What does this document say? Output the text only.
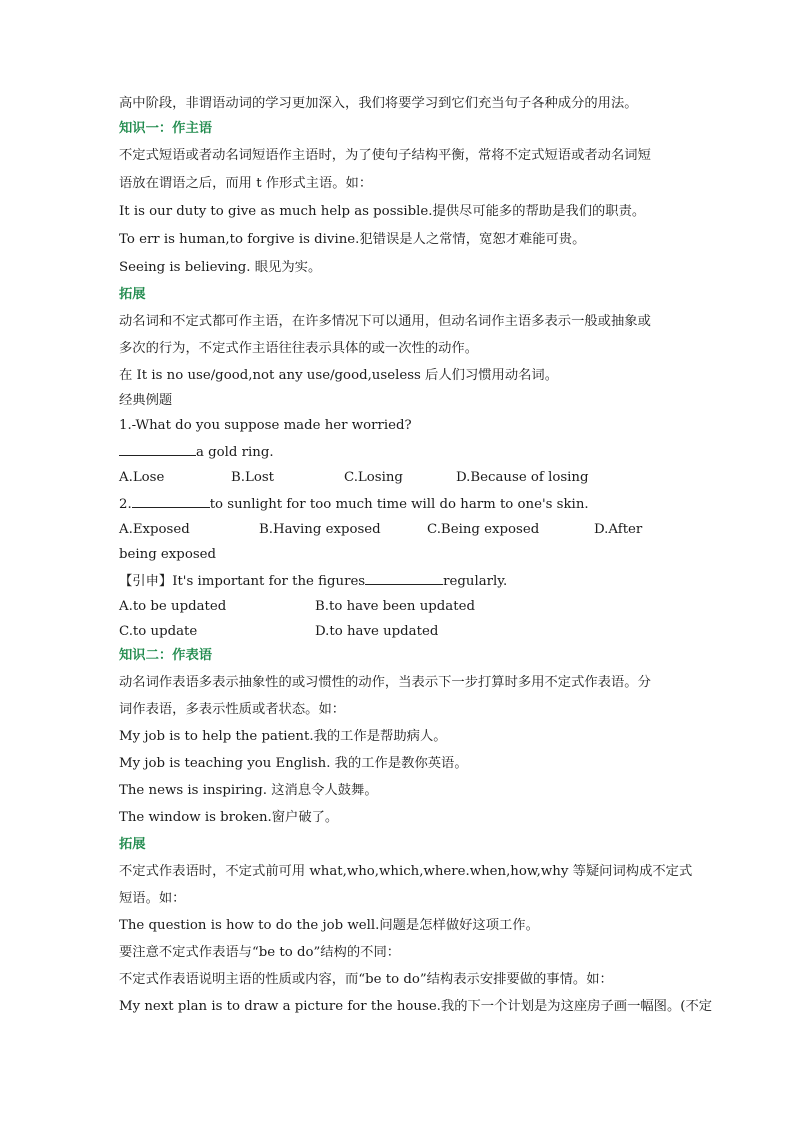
高中阶段，非谓语动词的学习更加深入，我们将要学习到它们充当句子各种成分的用法。

知识一：作主语

不定式短语或者动名词短语作主语时，为了使句子结构平衡，常将不定式短语或者动名词短

语放在谓语之后，而用 t 作形式主语。如：

It is our duty to give as much help as possible.提供尽可能多的帮助是我们的职责。

To err is human,to forgive is divine.犯错误是人之常情，宽恕才难能可贵。

Seeing is believing. 眼见为实。

拓展

动名词和不定式都可作主语，在许多情况下可以通用，但动名词作主语多表示一般或抽象或

多次的行为，不定式作主语往往表示具体的或一次性的动作。

在 It is no use/good,not any use/good,useless 后人们习惯用动名词。

经典例题

1.-What do you suppose made her worried?

a gold ring.

A.Lose	B.Lost	C.Losing	D.Because of losing

2.	to sunlight for too much time will do harm to one's skin.

A.Exposed	B.Having exposed	C.Being exposed	D.After

being exposed

【引申】It's important for the figures	regularly.

A.to be updated	B.to have been updated

C.to update	D.to have updated

知识二：作表语

动名词作表语多表示抽象性的或习惯性的动作，当表示下一步打算时多用不定式作表语。分

词作表语，多表示性质或者状态。如：

My job is to help the patient.我的工作是帮助病人。

My job is teaching you English. 我的工作是教你英语。

The news is inspiring. 这消息令人鼓舞。

The window is broken.窗户破了。

拓展

不定式作表语时，不定式前可用 what,who,which,where.when,how,why 等疑问词构成不定式

短语。如：

The question is how to do the job well.问题是怎样做好这项工作。

要注意不定式作表语与“be to do”结构的不同：

不定式作表语说明主语的性质或内容，而“be to do”结构表示安排要做的事情。如：

My next plan is to draw a picture for the house.我的下一个计划是为这座房子画一幅图。(不定
